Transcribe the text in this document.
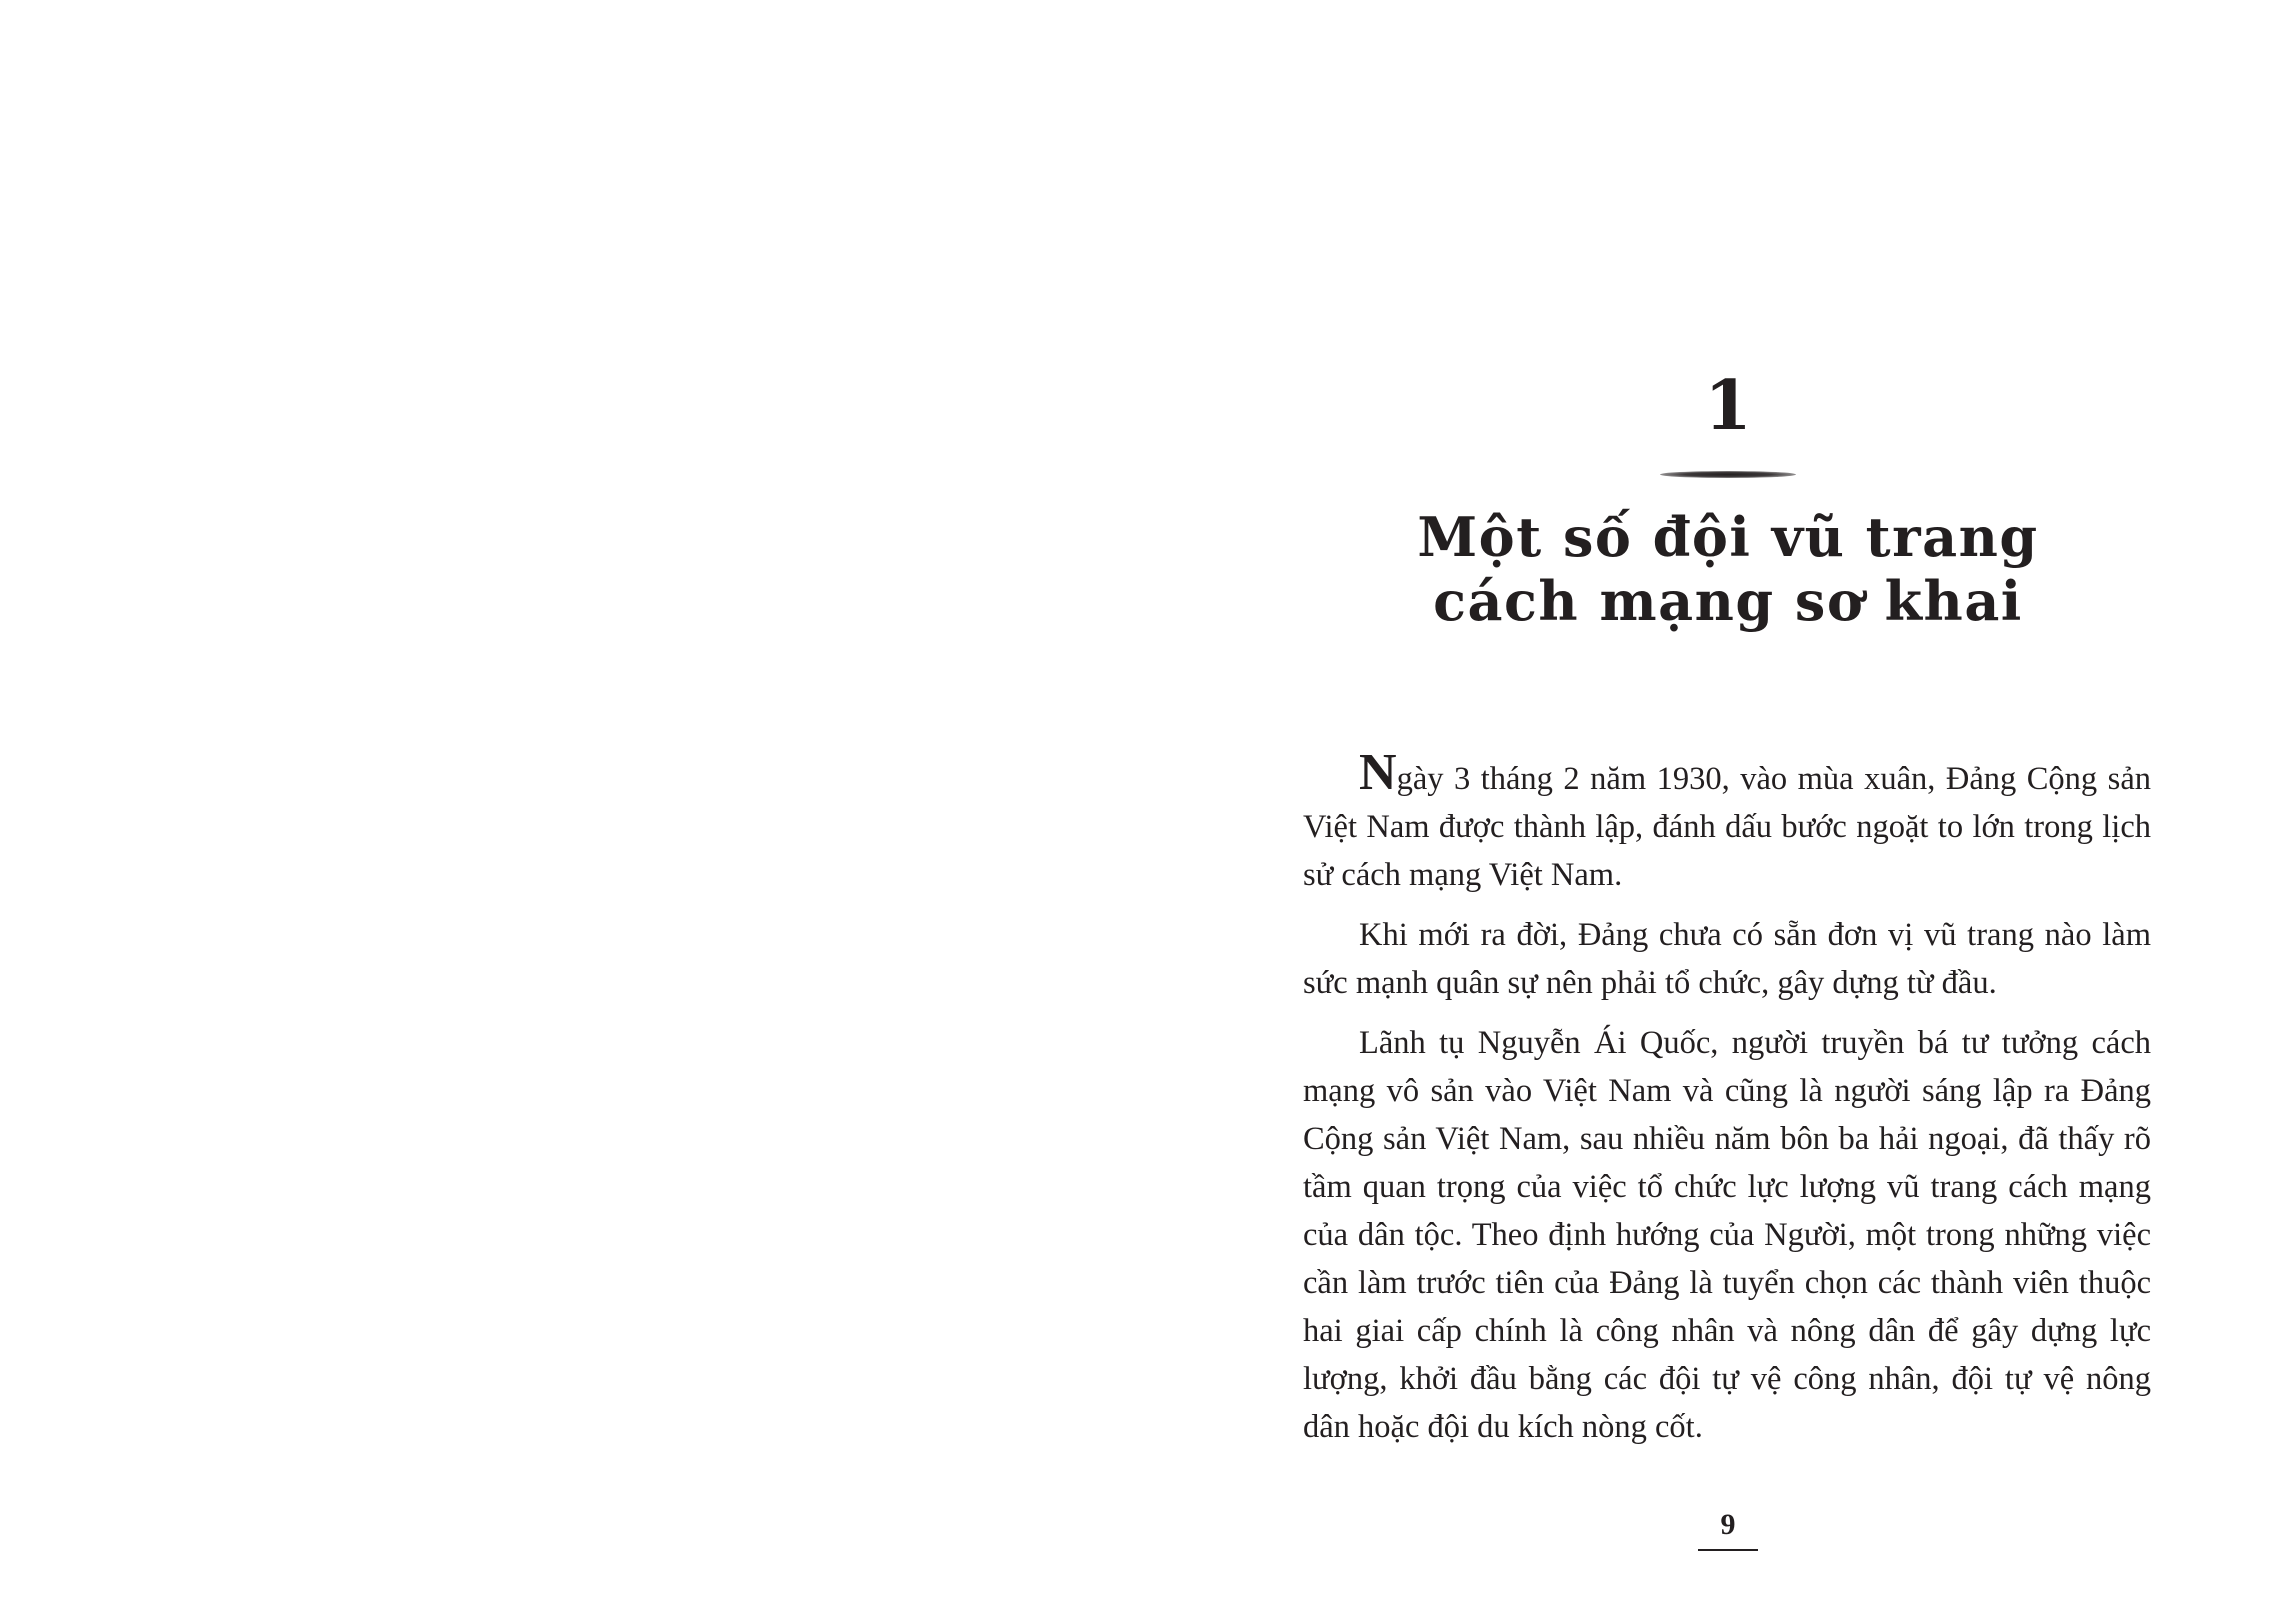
1
Một số đội vũ trang
cách mạng sơ khai

Ngày 3 tháng 2 năm 1930, vào mùa xuân, Đảng Cộng sản Việt Nam được thành lập, đánh dấu bước ngoặt to lớn trong lịch sử cách mạng Việt Nam.

Khi mới ra đời, Đảng chưa có sẵn đơn vị vũ trang nào làm sức mạnh quân sự nên phải tổ chức, gây dựng từ đầu.

Lãnh tụ Nguyễn Ái Quốc, người truyền bá tư tưởng cách mạng vô sản vào Việt Nam và cũng là người sáng lập ra Đảng Cộng sản Việt Nam, sau nhiều năm bôn ba hải ngoại, đã thấy rõ tầm quan trọng của việc tổ chức lực lượng vũ trang cách mạng của dân tộc. Theo định hướng của Người, một trong những việc cần làm trước tiên của Đảng là tuyển chọn các thành viên thuộc hai giai cấp chính là công nhân và nông dân để gây dựng lực lượng, khởi đầu bằng các đội tự vệ công nhân, đội tự vệ nông dân hoặc đội du kích nòng cốt.

9
